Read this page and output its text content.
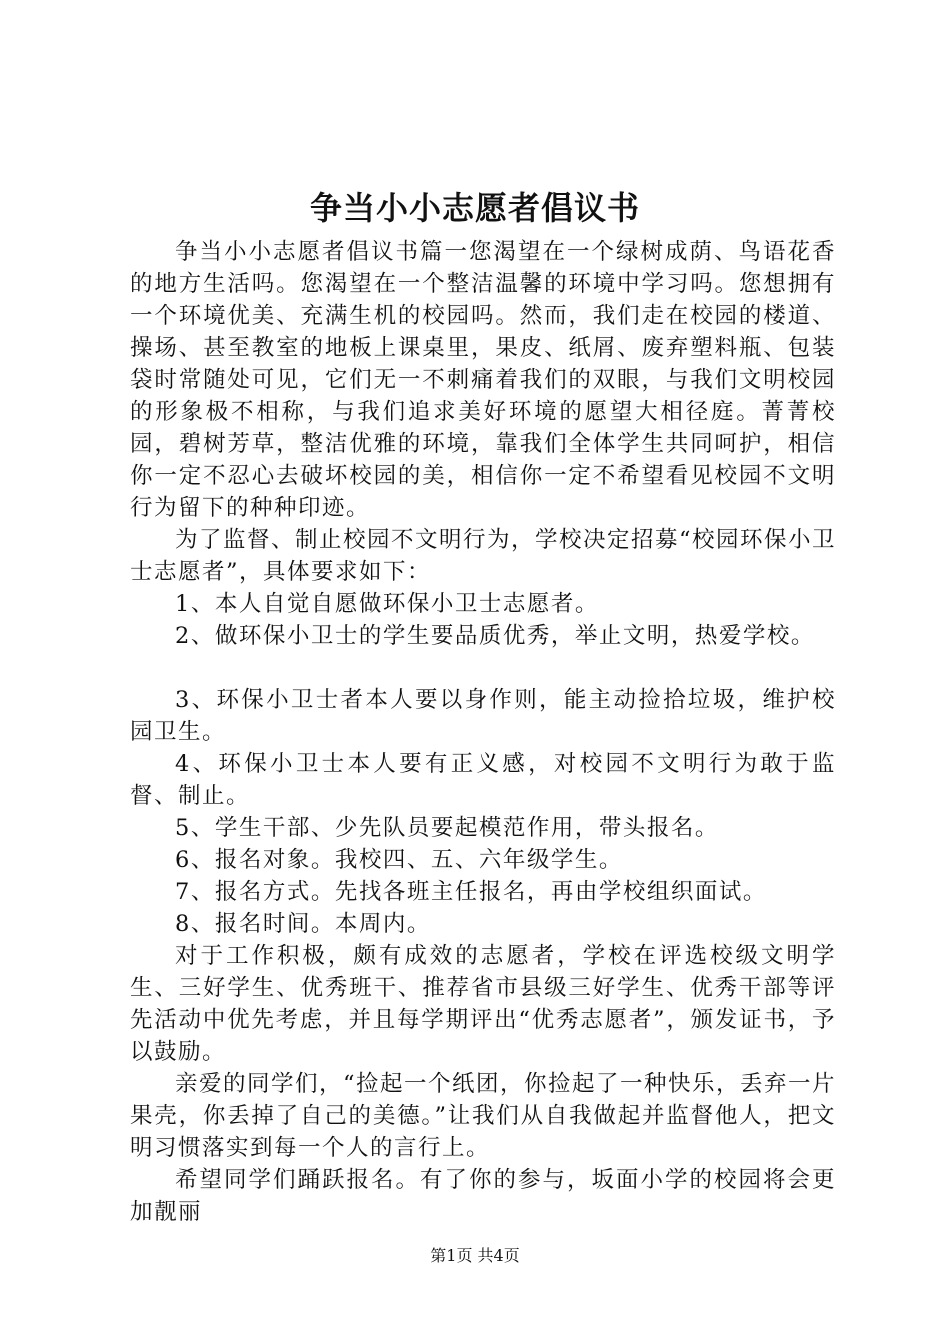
争当小小志愿者倡议书

争当小小志愿者倡议书篇一您渴望在一个绿树成荫、鸟语花香的地方生活吗。您渴望在一个整洁温馨的环境中学习吗。您想拥有一个环境优美、充满生机的校园吗。然而，我们走在校园的楼道、操场、甚至教室的地板上课桌里，果皮、纸屑、废弃塑料瓶、包装袋时常随处可见，它们无一不刺痛着我们的双眼，与我们文明校园的形象极不相称，与我们追求美好环境的愿望大相径庭。菁菁校园，碧树芳草，整洁优雅的环境，靠我们全体学生共同呵护，相信你一定不忍心去破坏校园的美，相信你一定不希望看见校园不文明行为留下的种种印迹。

为了监督、制止校园不文明行为，学校决定招募“校园环保小卫士志愿者”，具体要求如下：

1、本人自觉自愿做环保小卫士志愿者。

2、做环保小卫士的学生要品质优秀，举止文明，热爱学校。

3、环保小卫士者本人要以身作则，能主动捡拾垃圾，维护校园卫生。

4、环保小卫士本人要有正义感，对校园不文明行为敢于监督、制止。

5、学生干部、少先队员要起模范作用，带头报名。

6、报名对象。我校四、五、六年级学生。

7、报名方式。先找各班主任报名，再由学校组织面试。

8、报名时间。本周内。

对于工作积极，颇有成效的志愿者，学校在评选校级文明学生、三好学生、优秀班干、推荐省市县级三好学生、优秀干部等评先活动中优先考虑，并且每学期评出“优秀志愿者”，颁发证书，予以鼓励。

亲爱的同学们，“捡起一个纸团，你捡起了一种快乐，丢弃一片果壳，你丢掉了自己的美德。”让我们从自我做起并监督他人，把文明习惯落实到每一个人的言行上。

希望同学们踊跃报名。有了你的参与，坂面小学的校园将会更加靓丽

第1页 共4页
